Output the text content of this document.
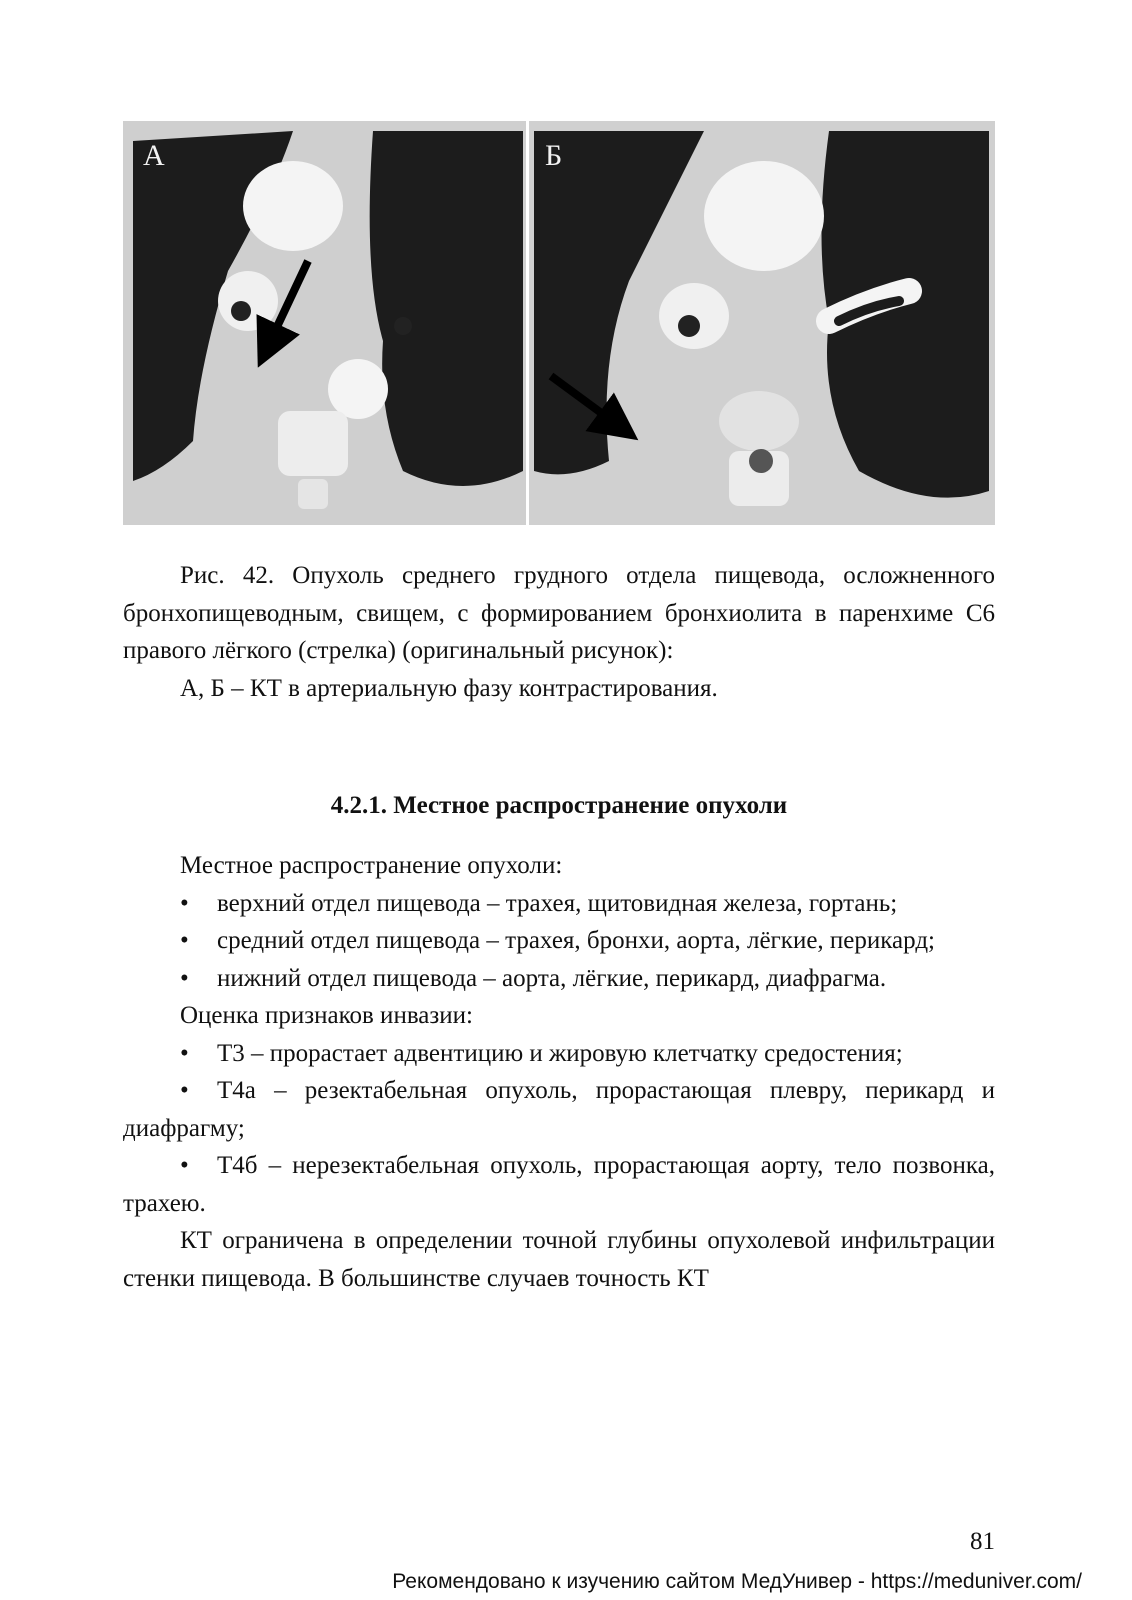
А	Б

Рис. 42. Опухоль среднего грудного отдела пищевода, осложненного бронхопищеводным, свищем, с формированием бронхиолита в паренхиме С6 правого лёгкого (стрелка) (оригинальный рисунок):

А, Б – КТ в артериальную фазу контрастирования.

4.2.1. Местное распространение опухоли

Местное распространение опухоли:

• верхний отдел пищевода – трахея, щитовидная железа, гортань;

• средний отдел пищевода – трахея, бронхи, аорта, лёгкие, перикард;

• нижний отдел пищевода – аорта, лёгкие, перикард, диафрагма.

Оценка признаков инвазии:

• Т3 – прорастает адвентицию и жировую клетчатку средостения;

• Т4а – резектабельная опухоль, прорастающая плевру, перикард и диафрагму;

• Т4б – нерезектабельная опухоль, прорастающая аорту, тело позвонка, трахею.

КТ ограничена в определении точной глубины опухолевой инфильтрации стенки пищевода. В большинстве случаев точность КТ

81
Рекомендовано к изучению сайтом МедУнивер - https://meduniver.com/
